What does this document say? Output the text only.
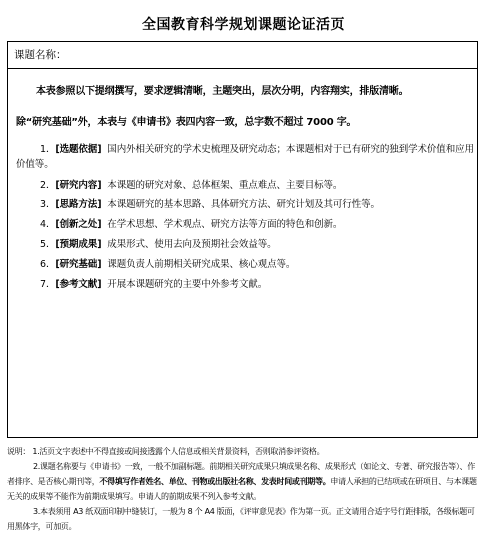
全国教育科学规划课题论证活页
课题名称：
本表参照以下提纲撰写，要求逻辑清晰，主题突出，层次分明，内容翔实，排版清晰。
除“研究基础”外，本表与《申请书》表四内容一致，总字数不超过 7000 字。
1．[选题依据] 国内外相关研究的学术史梳理及研究动态；本课题相对于已有研究的独到学术价值和应用价值等。
2．[研究内容] 本课题的研究对象、总体框架、重点难点、主要目标等。
3．[思路方法] 本课题研究的基本思路、具体研究方法、研究计划及其可行性等。
4．[创新之处] 在学术思想、学术观点、研究方法等方面的特色和创新。
5．[预期成果] 成果形式、使用去向及预期社会效益等。
6．[研究基础] 课题负责人前期相关研究成果、核心观点等。
7．[参考文献] 开展本课题研究的主要中外参考文献。

说明： 1.活页文字表述中不得直接或间接透露个人信息或相关背景资料，否则取消参评资格。

2.课题名称要与《申请书》一致，一般不加副标题。前期相关研究成果只填成果名称、成果形式（如论文、专著、研究报告等）、作者排序、是否核心期刊等，不得填写作者姓名、单位、刊物或出版社名称、发表时间或刊期等。申请人承担的已结项或在研项目、与本课题无关的成果等不能作为前期成果填写。申请人的前期成果不列入参考文献。

3.本表须用 A3 纸双面印制中缝装订，一般为 8 个 A4 版面，《评审意见表》作为第一页。正文请用合适字号行距排版，各级标题可用黑体字，可加页。
